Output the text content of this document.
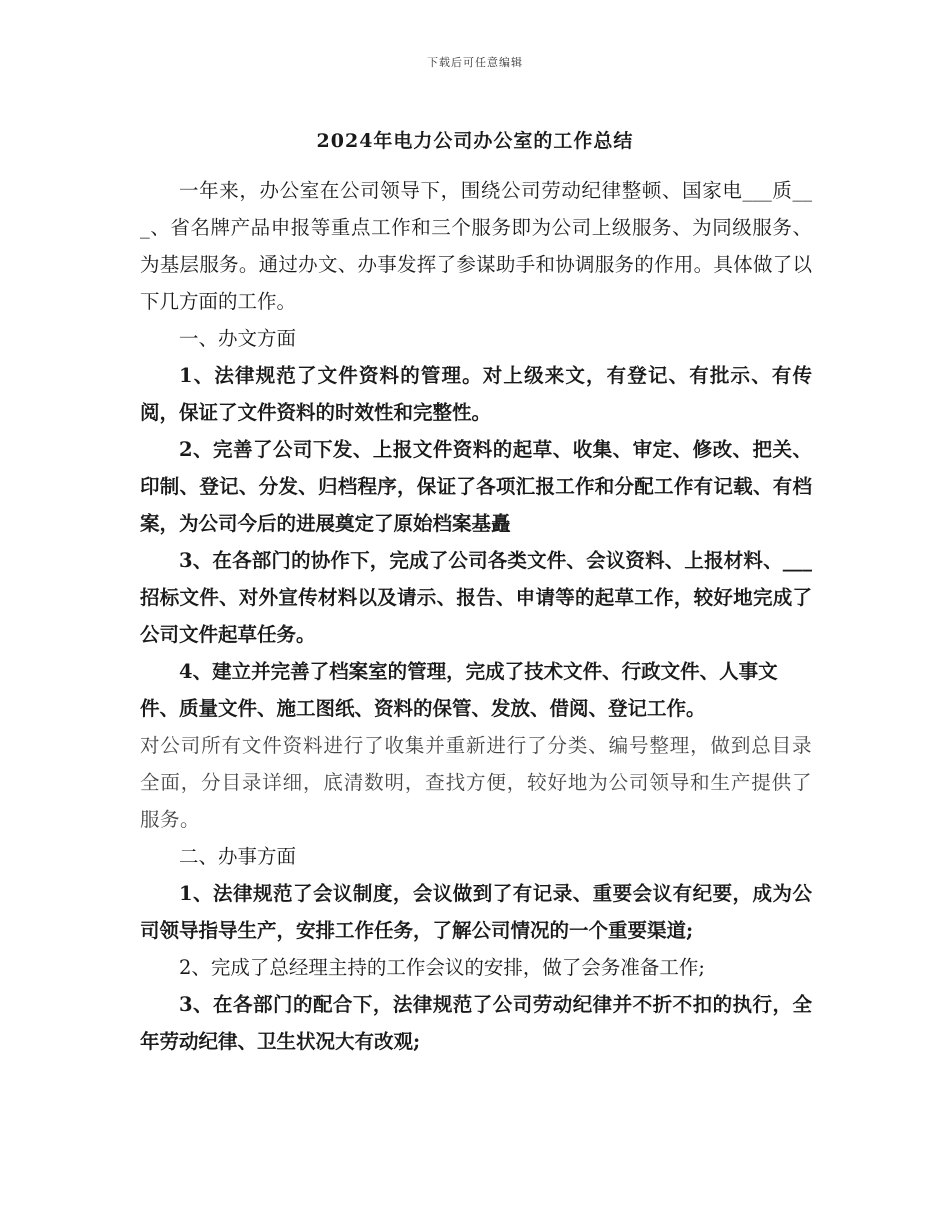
下载后可任意编辑
2024年电力公司办公室的工作总结

一年来，办公室在公司领导下，围绕公司劳动纪律整顿、国家电___质___、省名牌产品申报等重点工作和三个服务即为公司上级服务、为同级服务、为基层服务。通过办文、办事发挥了参谋助手和协调服务的作用。具体做了以下几方面的工作。

一、办文方面

1、法律规范了文件资料的管理。对上级来文，有登记、有批示、有传阅，保证了文件资料的时效性和完整性。

2、完善了公司下发、上报文件资料的起草、收集、审定、修改、把关、印制、登记、分发、归档程序，保证了各项汇报工作和分配工作有记载、有档案，为公司今后的进展奠定了原始档案基矗

3、在各部门的协作下，完成了公司各类文件、会议资料、上报材料、___招标文件、对外宣传材料以及请示、报告、申请等的起草工作，较好地完成了公司文件起草任务。

4、建立并完善了档案室的管理，完成了技术文件、行政文件、人事文件、质量文件、施工图纸、资料的保管、发放、借阅、登记工作。

对公司所有文件资料进行了收集并重新进行了分类、编号整理，做到总目录全面，分目录详细，底清数明，查找方便，较好地为公司领导和生产提供了服务。

二、办事方面

1、法律规范了会议制度，会议做到了有记录、重要会议有纪要，成为公司领导指导生产，安排工作任务，了解公司情况的一个重要渠道;

2、完成了总经理主持的工作会议的安排，做了会务准备工作;

3、在各部门的配合下，法律规范了公司劳动纪律并不折不扣的执行，全年劳动纪律、卫生状况大有改观;
